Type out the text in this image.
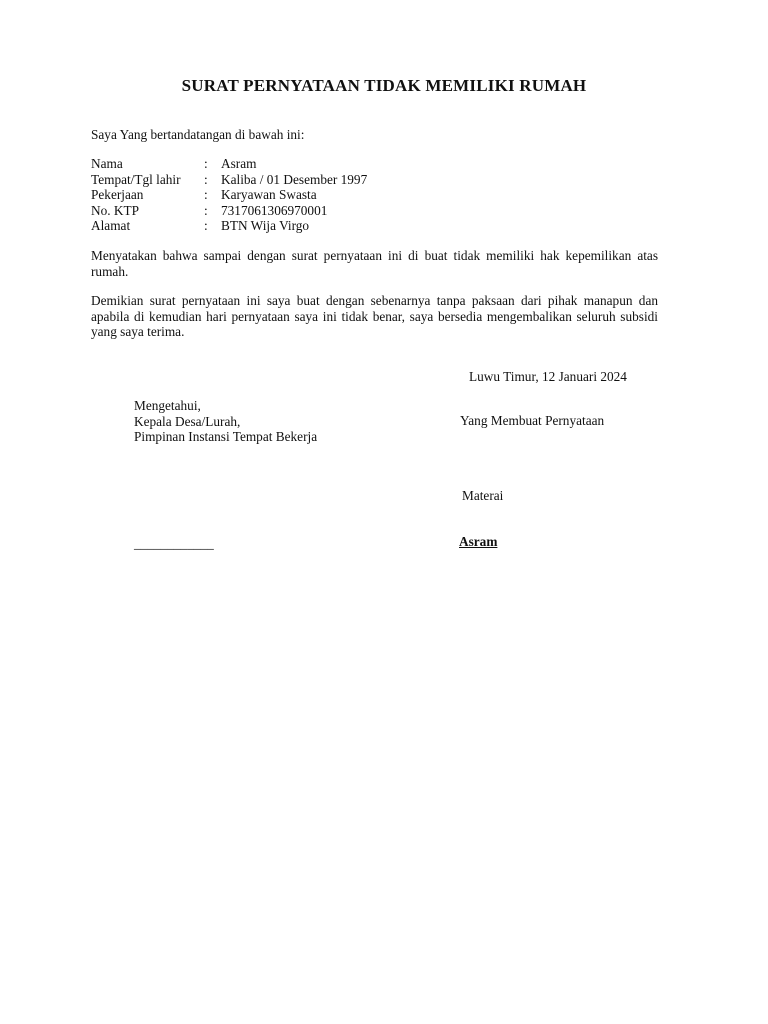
SURAT PERNYATAAN TIDAK MEMILIKI RUMAH
Saya Yang bertandatangan di bawah ini:
Nama	: Asram
Tempat/Tgl lahir	: Kaliba / 01 Desember 1997
Pekerjaan	: Karyawan Swasta
No. KTP	: 7317061306970001
Alamat	: BTN Wija Virgo
Menyatakan bahwa sampai dengan surat pernyataan ini di buat tidak memiliki hak kepemilikan atas rumah.
Demikian surat pernyataan ini saya buat dengan sebenarnya tanpa paksaan dari pihak manapun dan apabila di kemudian hari pernyataan saya ini tidak benar, saya bersedia mengembalikan seluruh subsidi yang saya terima.
Luwu Timur, 12 Januari 2024
Mengetahui,
Kepala Desa/Lurah,
Pimpinan Instansi Tempat Bekerja
Yang Membuat Pernyataan
Materai
____________	Asram
